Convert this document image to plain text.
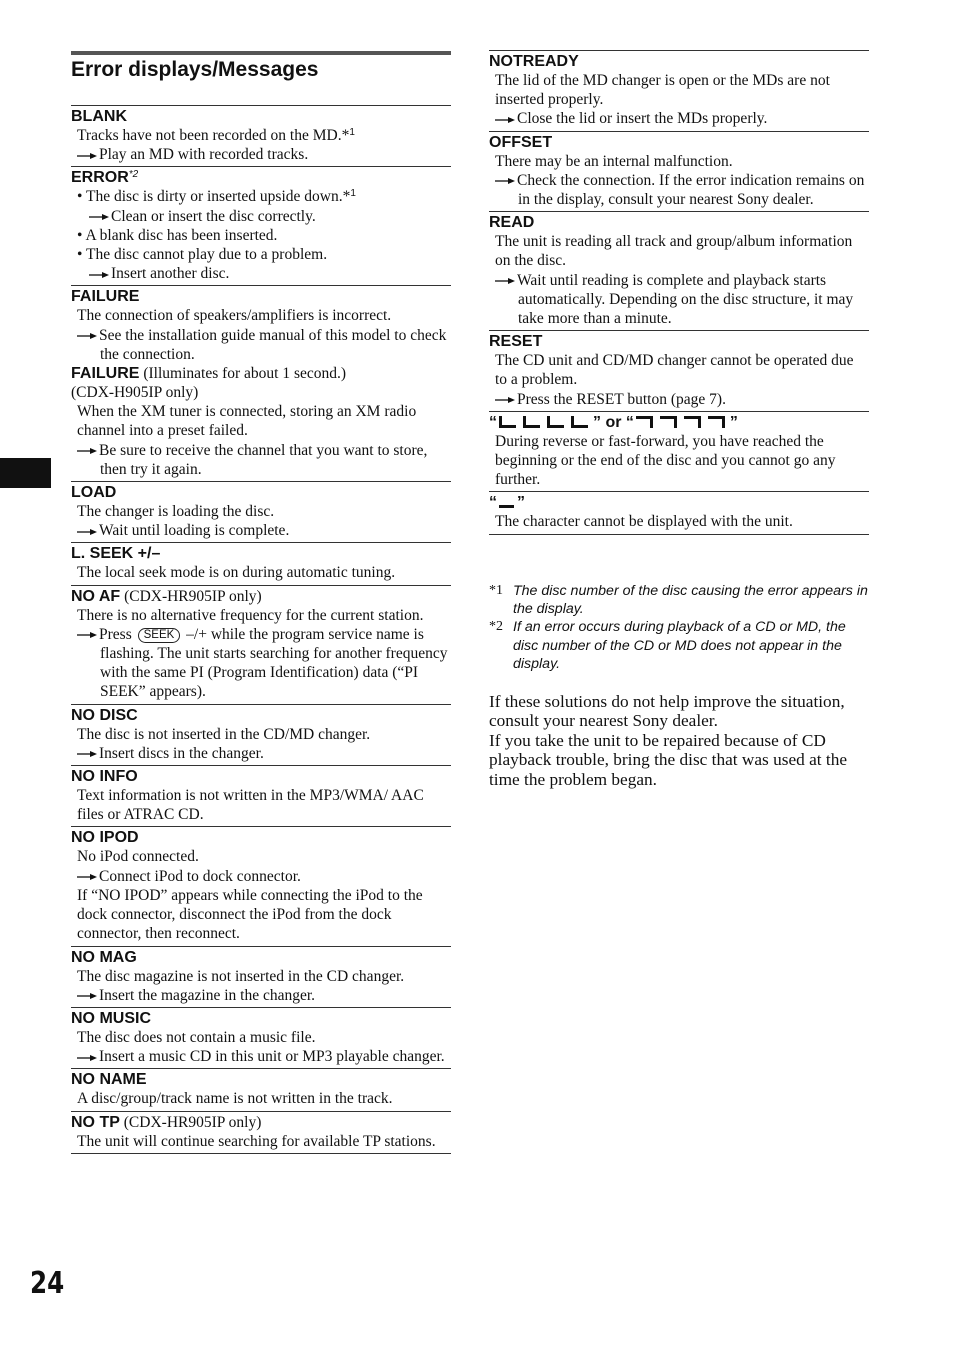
Error displays/Messages
BLANK
Tracks have not been recorded on the MD.*$^1$
Play an MD with recorded tracks.
ERROR$^{*2}$
• The disc is dirty or inserted upside down.*$^1$
Clean or insert the disc correctly.
• A blank disc has been inserted.
• The disc cannot play due to a problem.
Insert another disc.
FAILURE
The connection of speakers/amplifiers is incorrect.
See the installation guide manual of this model to check the connection.
FAILURE (Illuminates for about 1 second.)
(CDX-H905IP only)
When the XM tuner is connected, storing an XM radio channel into a preset failed.
Be sure to receive the channel that you want to store, then try it again.
LOAD
The changer is loading the disc.
Wait until loading is complete.
L. SEEK +/–
The local seek mode is on during automatic tuning.
NO AF (CDX-HR905IP only)
There is no alternative frequency for the current station.
Press SEEK –/+ while the program service name is flashing. The unit starts searching for another frequency with the same PI (Program Identification) data (“PI SEEK” appears).
NO DISC
The disc is not inserted in the CD/MD changer.
Insert discs in the changer.
NO INFO
Text information is not written in the MP3/WMA/ AAC files or ATRAC CD.
NO IPOD
No iPod connected.
Connect iPod to dock connector.
If “NO IPOD” appears while connecting the iPod to the dock connector, disconnect the iPod from the dock connector, then reconnect.
NO MAG
The disc magazine is not inserted in the CD changer.
Insert the magazine in the changer.
NO MUSIC
The disc does not contain a music file.
Insert a music CD in this unit or MP3 playable changer.
NO NAME
A disc/group/track name is not written in the track.
NO TP (CDX-HR905IP only)
The unit will continue searching for available TP stations.
NOTREADY
The lid of the MD changer is open or the MDs are not inserted properly.
Close the lid or insert the MDs properly.
OFFSET
There may be an internal malfunction.
Check the connection. If the error indication remains on in the display, consult your nearest Sony dealer.
READ
The unit is reading all track and group/album information on the disc.
Wait until reading is complete and playback starts automatically. Depending on the disc structure, it may take more than a minute.
RESET
The CD unit and CD/MD changer cannot be operated due to a problem.
Press the RESET button (page 7).
“	” or “	”
During reverse or fast-forward, you have reached the beginning or the end of the disc and you cannot go any further.
“ ”
The character cannot be displayed with the unit.
*1 The disc number of the disc causing the error appears in the display.
*2 If an error occurs during playback of a CD or MD, the disc number of the CD or MD does not appear in the display.
If these solutions do not help improve the situation, consult your nearest Sony dealer.
If you take the unit to be repaired because of CD playback trouble, bring the disc that was used at the time the problem began.
24
